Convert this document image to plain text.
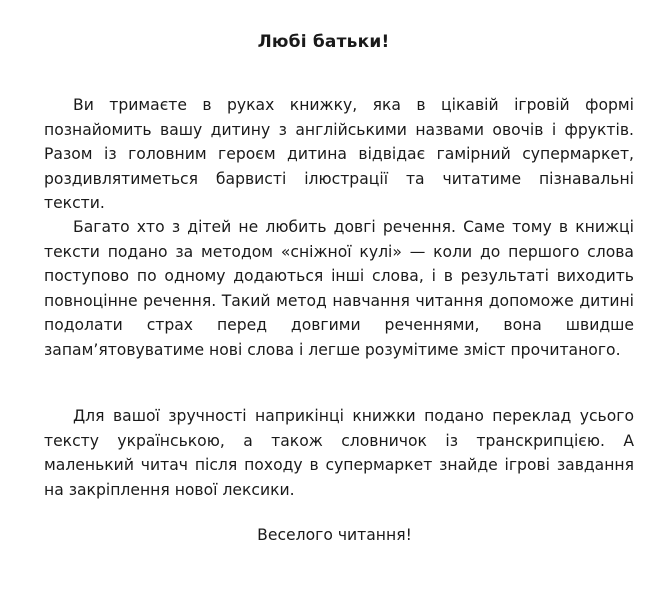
Любі батьки!

Ви тримаєте в руках книжку, яка в цікавій ігровій формі познайомить вашу дитину з англійськими назвами овочів і фруктів. Разом із головним героєм дитина відвідає гамірний супермаркет, роздивлятиметься барвисті ілюстрації та читатиме пізнавальні тексти.

Багато хто з дітей не любить довгі речення. Саме тому в книжці тексти подано за методом «снiжної кулі» — коли до першого слова поступово по одному додаються інші слова, і в результаті виходить повноцінне речення. Такий метод навчання читання допоможе дитині подолати страх перед довгими реченнями, вона швидше запам’ятовуватиме нові слова і легше розумітиме зміст прочитаного.

Для вашої зручності наприкінці книжки подано переклад усього тексту українською, а також словничок із транскрипцією. А маленький читач після походу в супермаркет знайде ігрові завдання на закріплення нової лексики.

Веселого читання!
